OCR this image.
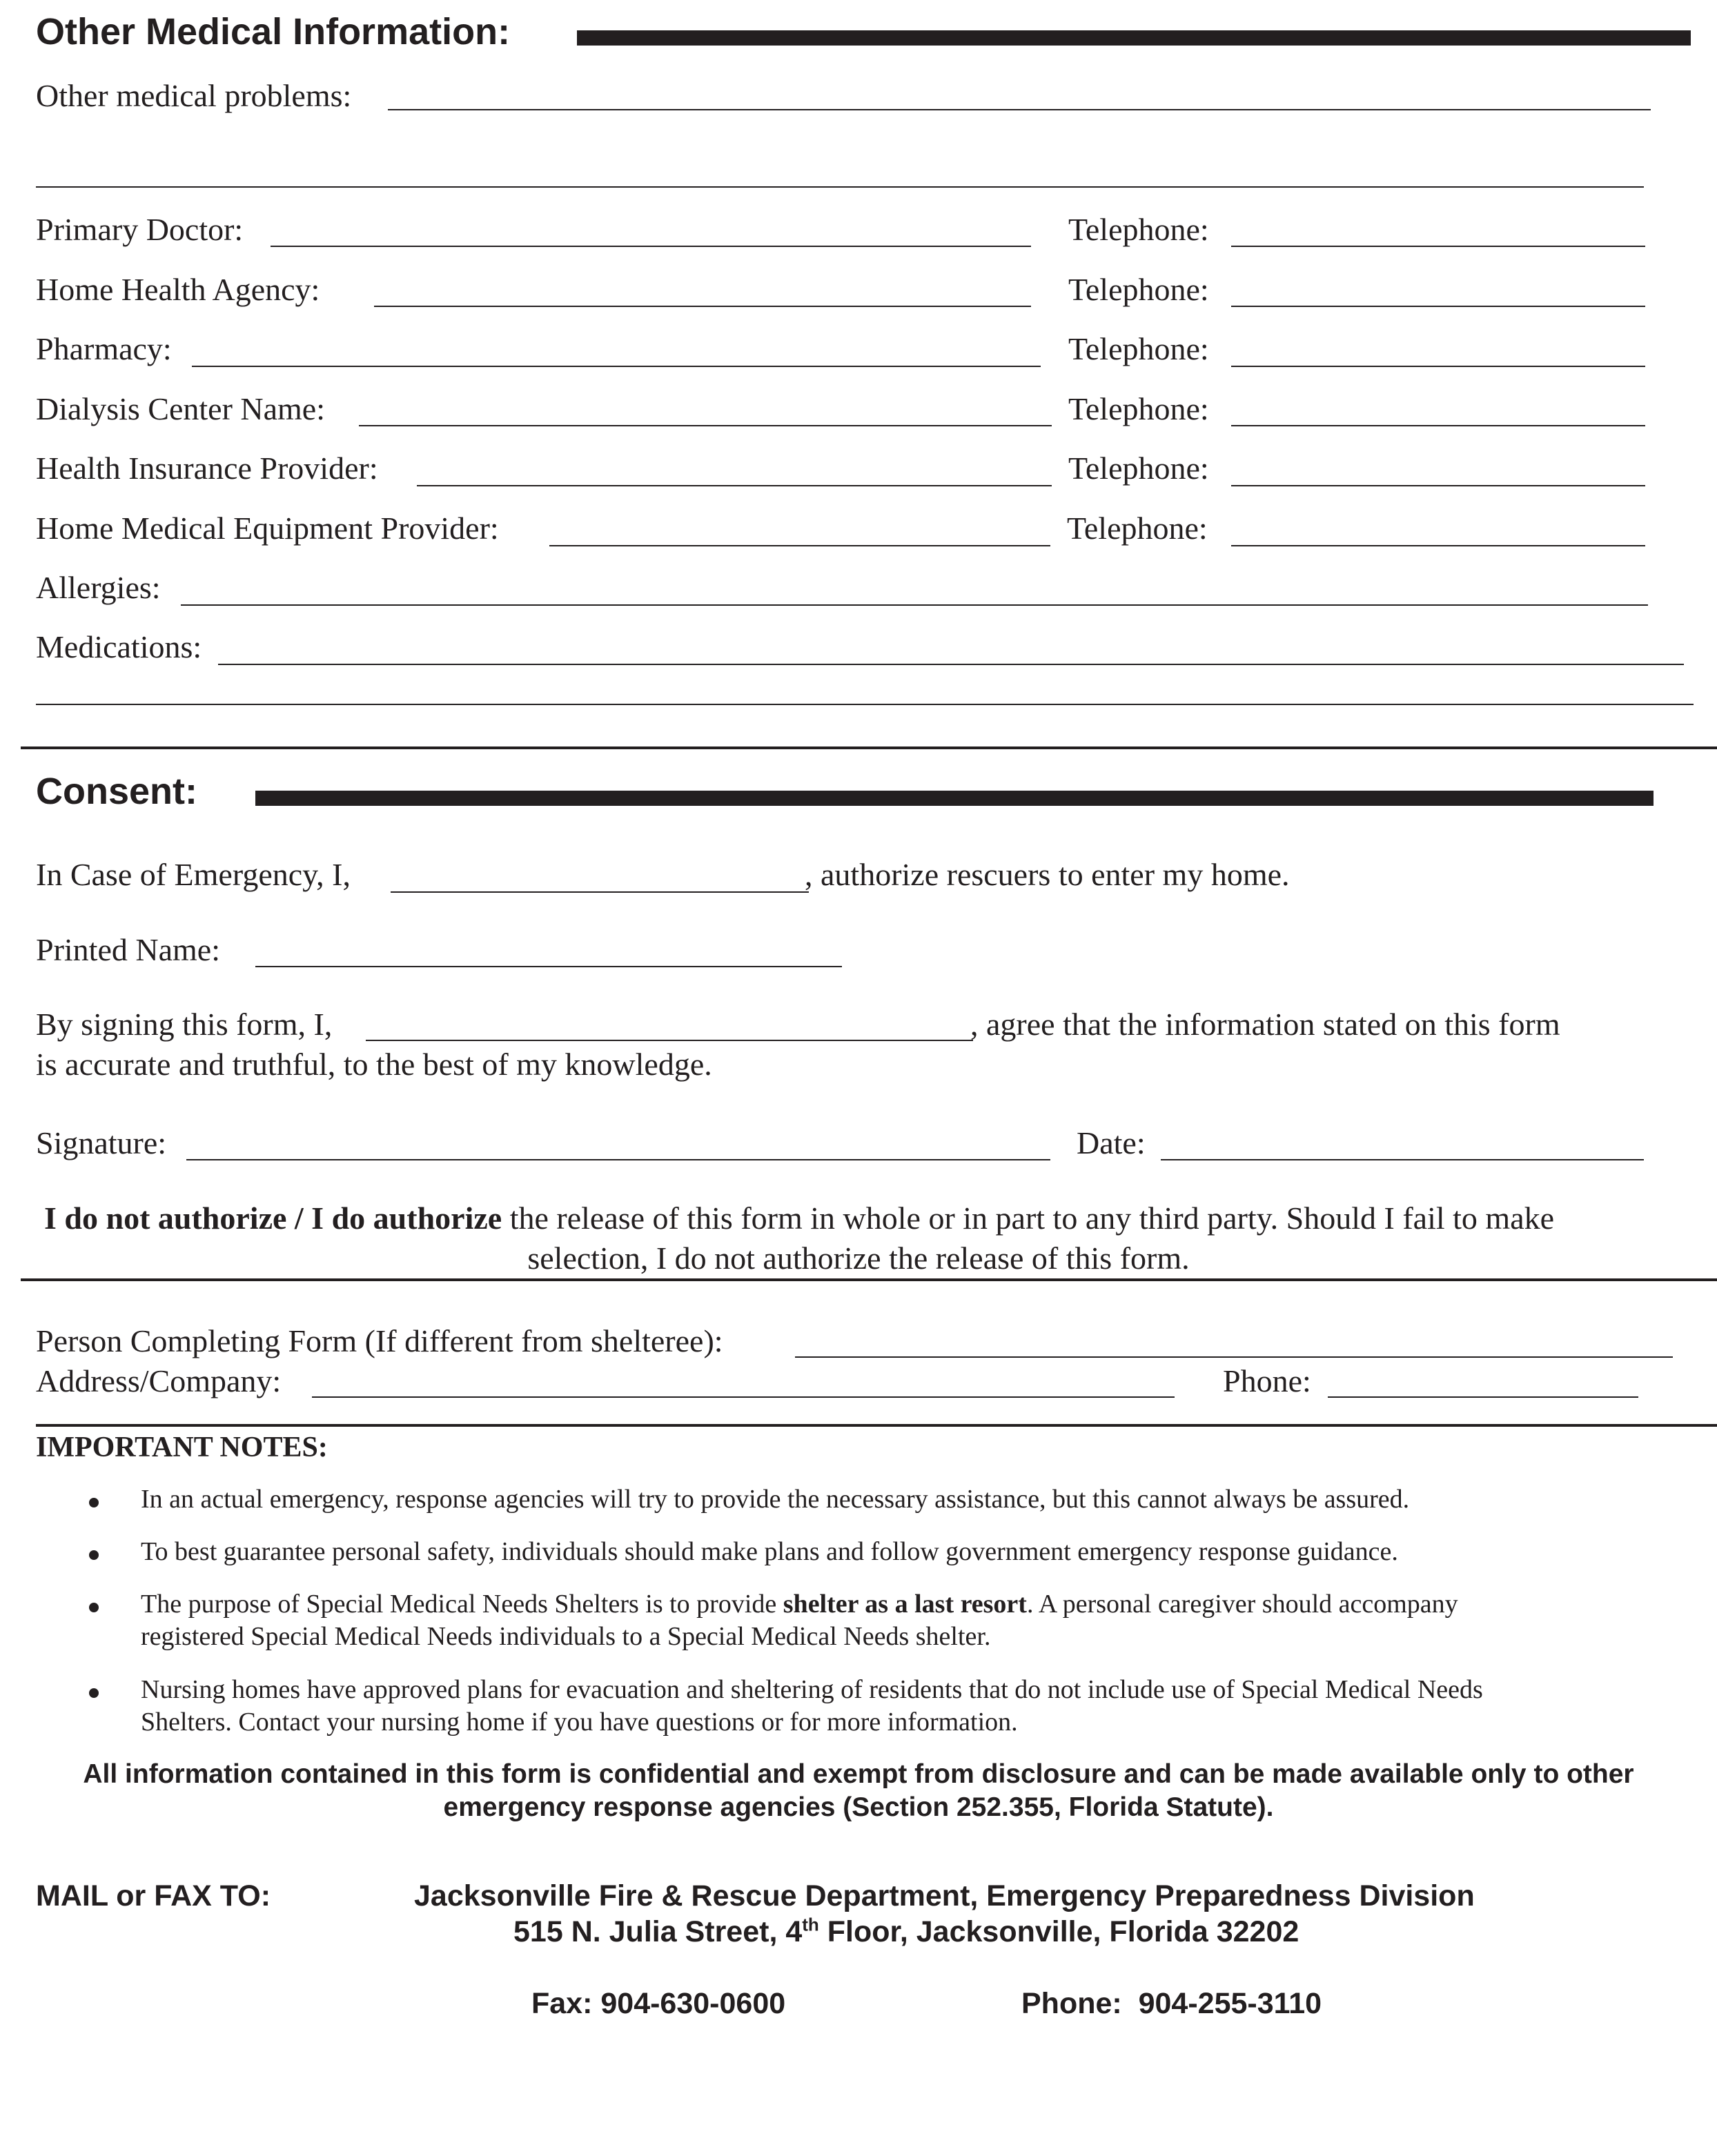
Other Medical Information:
Other medical problems:
Primary Doctor:	Telephone:
Home Health Agency:	Telephone:
Pharmacy:	Telephone:
Dialysis Center Name:	Telephone:
Health Insurance Provider:	Telephone:
Home Medical Equipment Provider:	Telephone:
Allergies:
Medications:
Consent:
In Case of Emergency, I,	, authorize rescuers to enter my home.
Printed Name:
By signing this form, I,	, agree that the information stated on this form
is accurate and truthful, to the best of my knowledge.
Signature:	Date:
I do not authorize / I do authorize the release of this form in whole or in part to any third party. Should I fail to make
selection, I do not authorize the release of this form.
Person Completing Form (If different from shelteree):
Address/Company:	Phone:
IMPORTANT NOTES:
In an actual emergency, response agencies will try to provide the necessary assistance, but this cannot always be assured.
To best guarantee personal safety, individuals should make plans and follow government emergency response guidance.
The purpose of Special Medical Needs Shelters is to provide shelter as a last resort. A personal caregiver should accompany
registered Special Medical Needs individuals to a Special Medical Needs shelter.
Nursing homes have approved plans for evacuation and sheltering of residents that do not include use of Special Medical Needs
Shelters. Contact your nursing home if you have questions or for more information.
All information contained in this form is confidential and exempt from disclosure and can be made available only to other
emergency response agencies (Section 252.355, Florida Statute).
MAIL or FAX TO:	Jacksonville Fire & Rescue Department, Emergency Preparedness Division
515 N. Julia Street, 4th Floor, Jacksonville, Florida 32202
Fax: 904-630-0600	Phone:  904-255-3110
